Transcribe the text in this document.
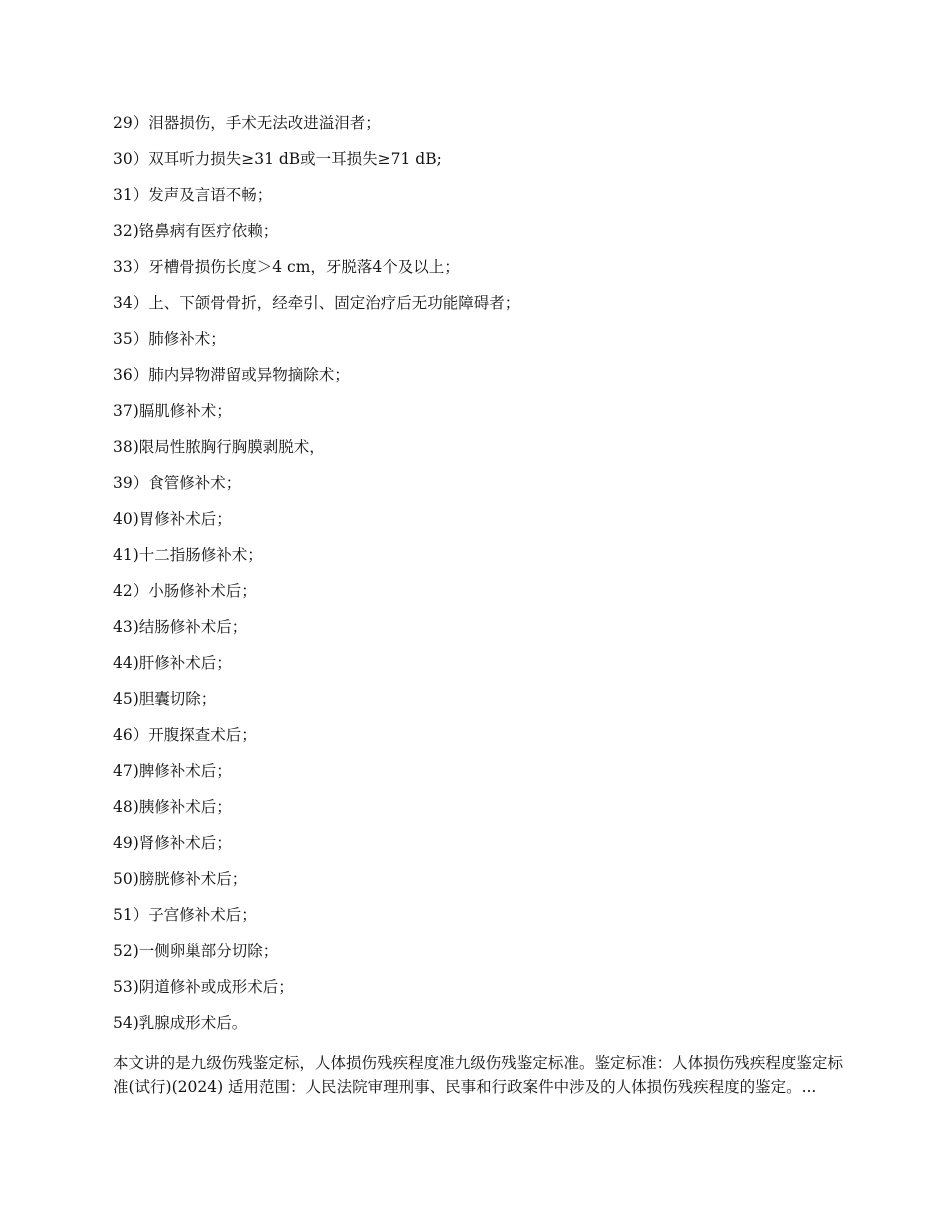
29）泪器损伤，手术无法改进溢泪者；
30）双耳听力损失≥31 dB或一耳损失≥71 dB;
31）发声及言语不畅；
32)铬鼻病有医疗依赖；
33）牙槽骨损伤长度＞4 cm，牙脱落4个及以上；
34）上、下颌骨骨折，经牵引、固定治疗后无功能障碍者；
35）肺修补术；
36）肺内异物滞留或异物摘除术；
37)膈肌修补术；
38)限局性脓胸行胸膜剥脱术，
39）食管修补术；
40)胃修补术后；
41)十二指肠修补术；
42）小肠修补术后；
43)结肠修补术后；
44)肝修补术后；
45)胆囊切除；
46）开腹探查术后；
47)脾修补术后；
48)胰修补术后；
49)肾修补术后；
50)膀胱修补术后；
51）子宫修补术后；
52)一侧卵巢部分切除；
53)阴道修补或成形术后；
54)乳腺成形术后。

本文讲的是九级伤残鉴定标，人体损伤残疾程度准九级伤残鉴定标准。鉴定标准：人体损伤残疾程度鉴定标准(试行)(2024) 适用范围：人民法院审理刑事、民事和行政案件中涉及的人体损伤残疾程度的鉴定。...
